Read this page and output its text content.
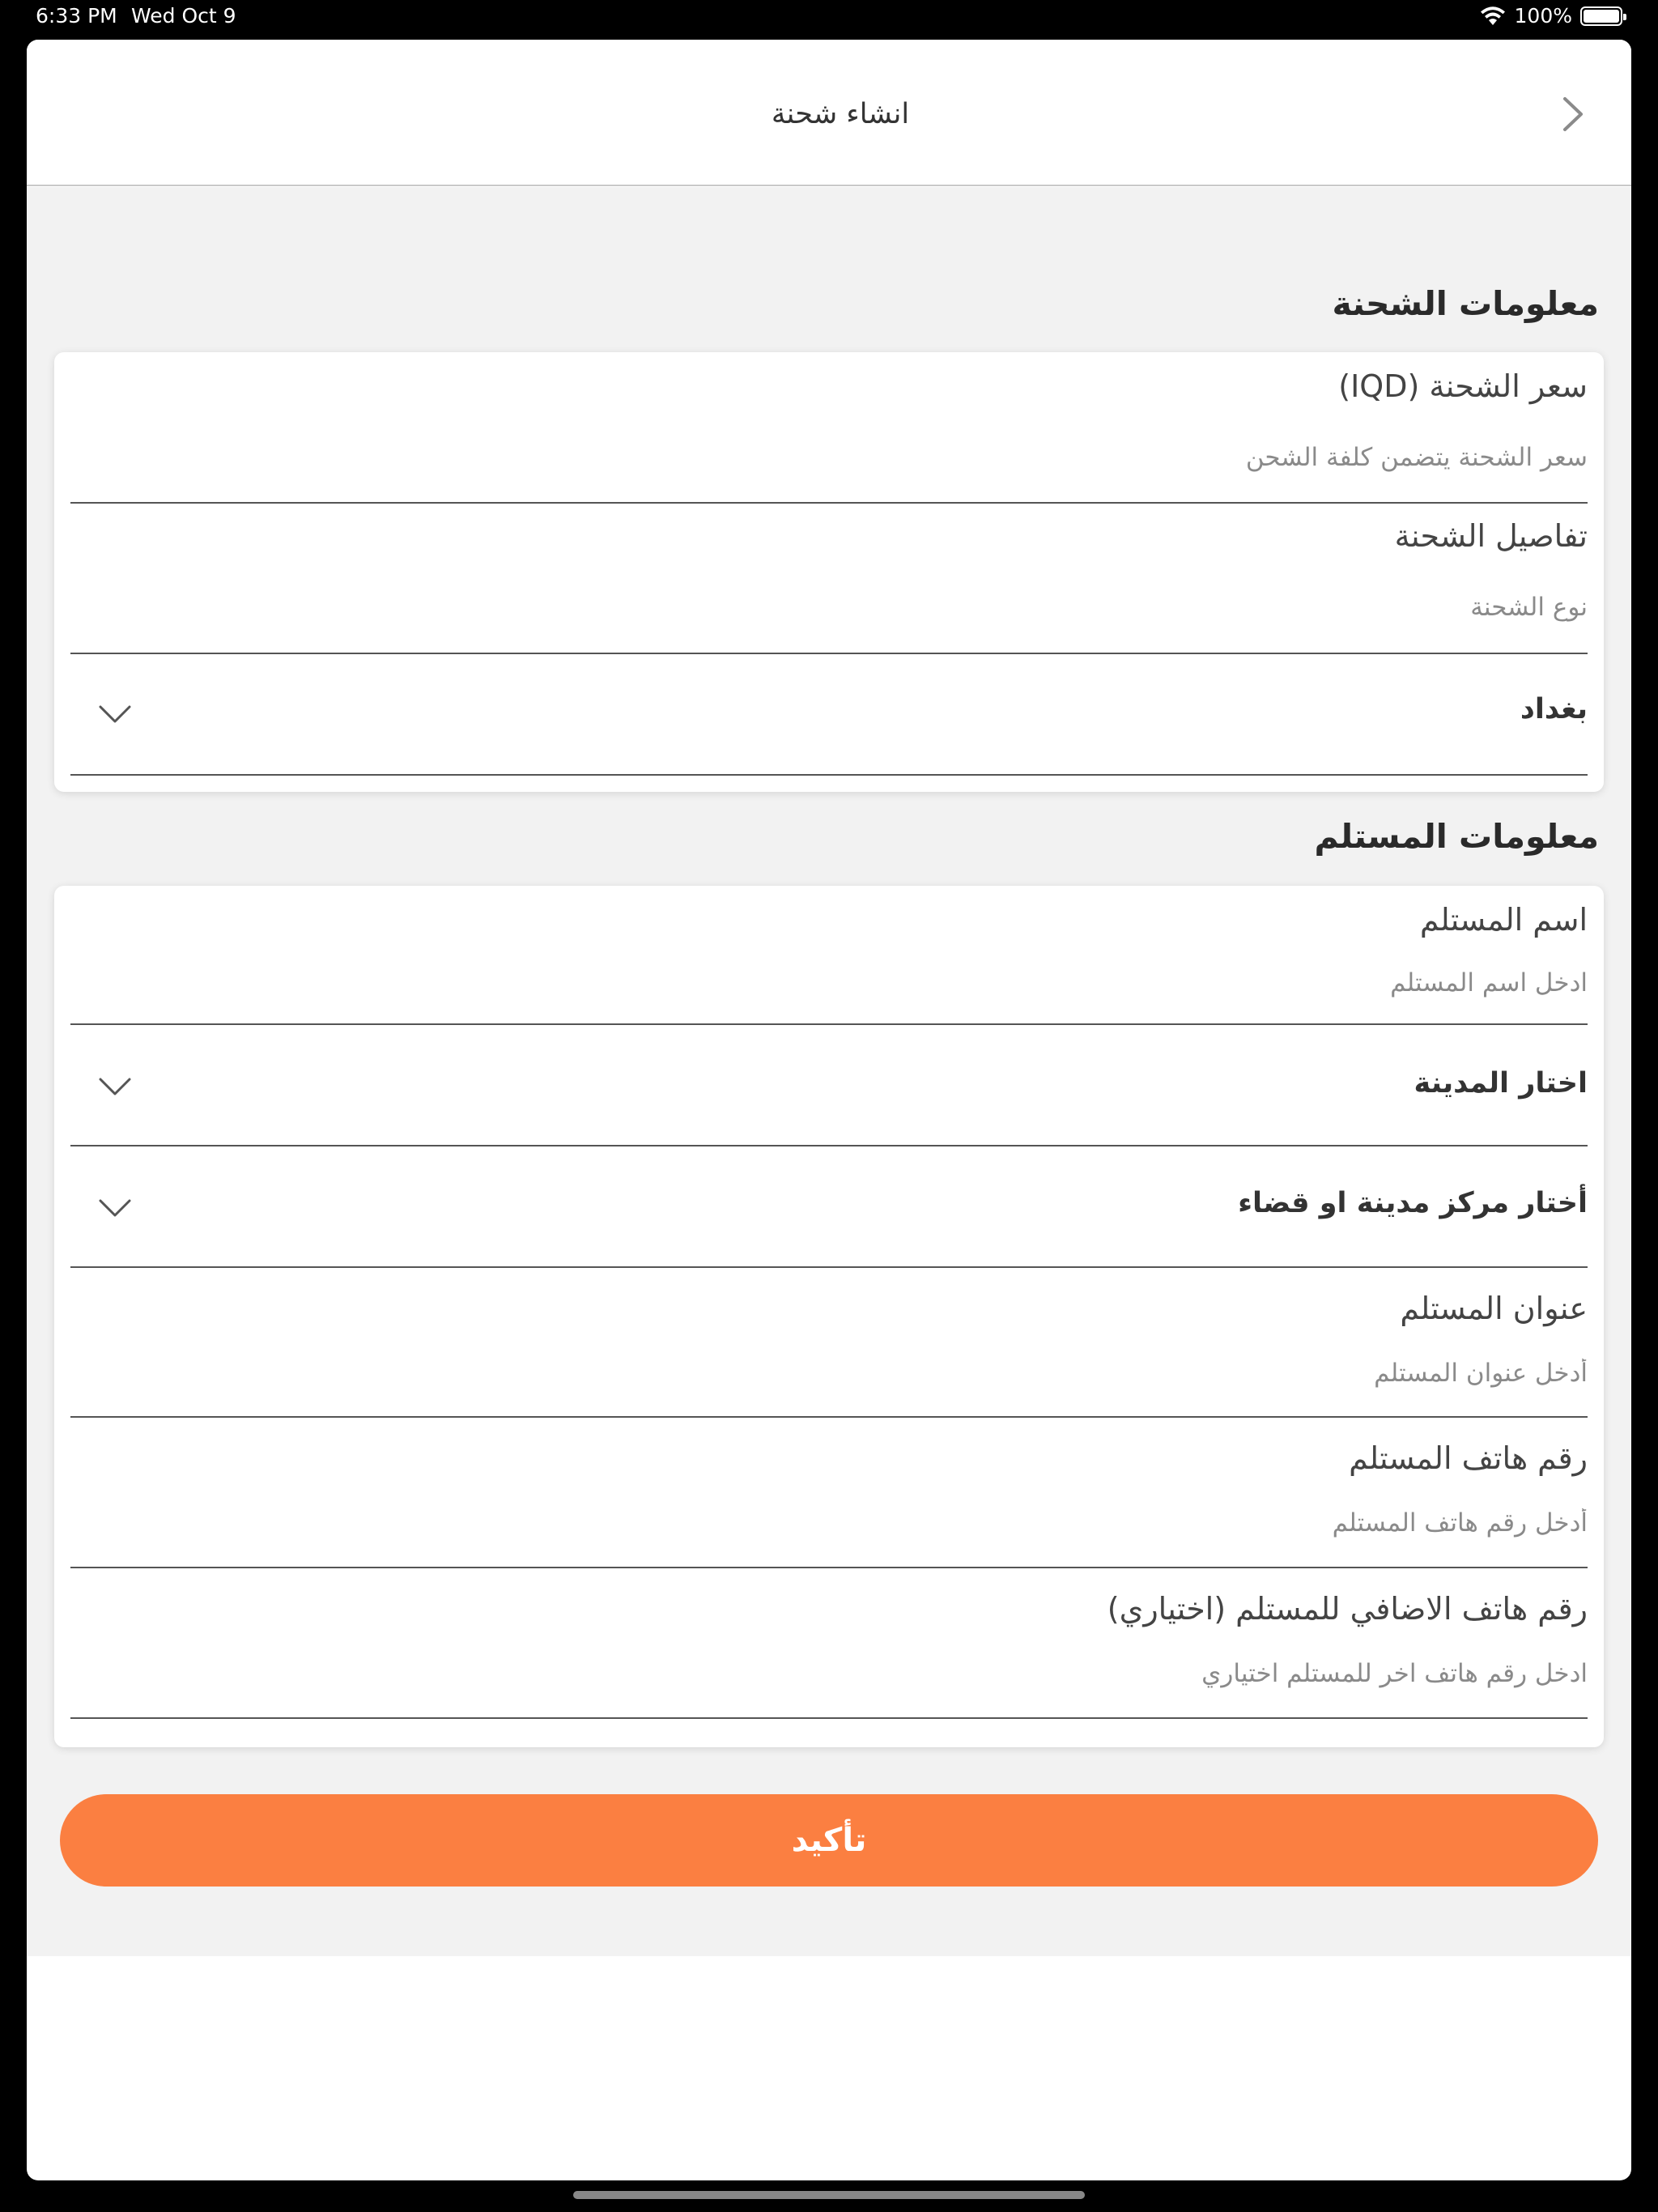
6:33 PM Wed Oct 9	100%
انشاء شحنة
معلومات الشحنة
سعر الشحنة (IQD)
سعر الشحنة يتضمن كلفة الشحن
تفاصيل الشحنة
نوع الشحنة
بغداد
معلومات المستلم
اسم المستلم
ادخل اسم المستلم
اختار المدينة
أختار مركز مدينة او قضاء
عنوان المستلم
أدخل عنوان المستلم
رقم هاتف المستلم
أدخل رقم هاتف المستلم
رقم هاتف الاضافي للمستلم (اختياري)
ادخل رقم هاتف اخر للمستلم اختياري
تأكيد
